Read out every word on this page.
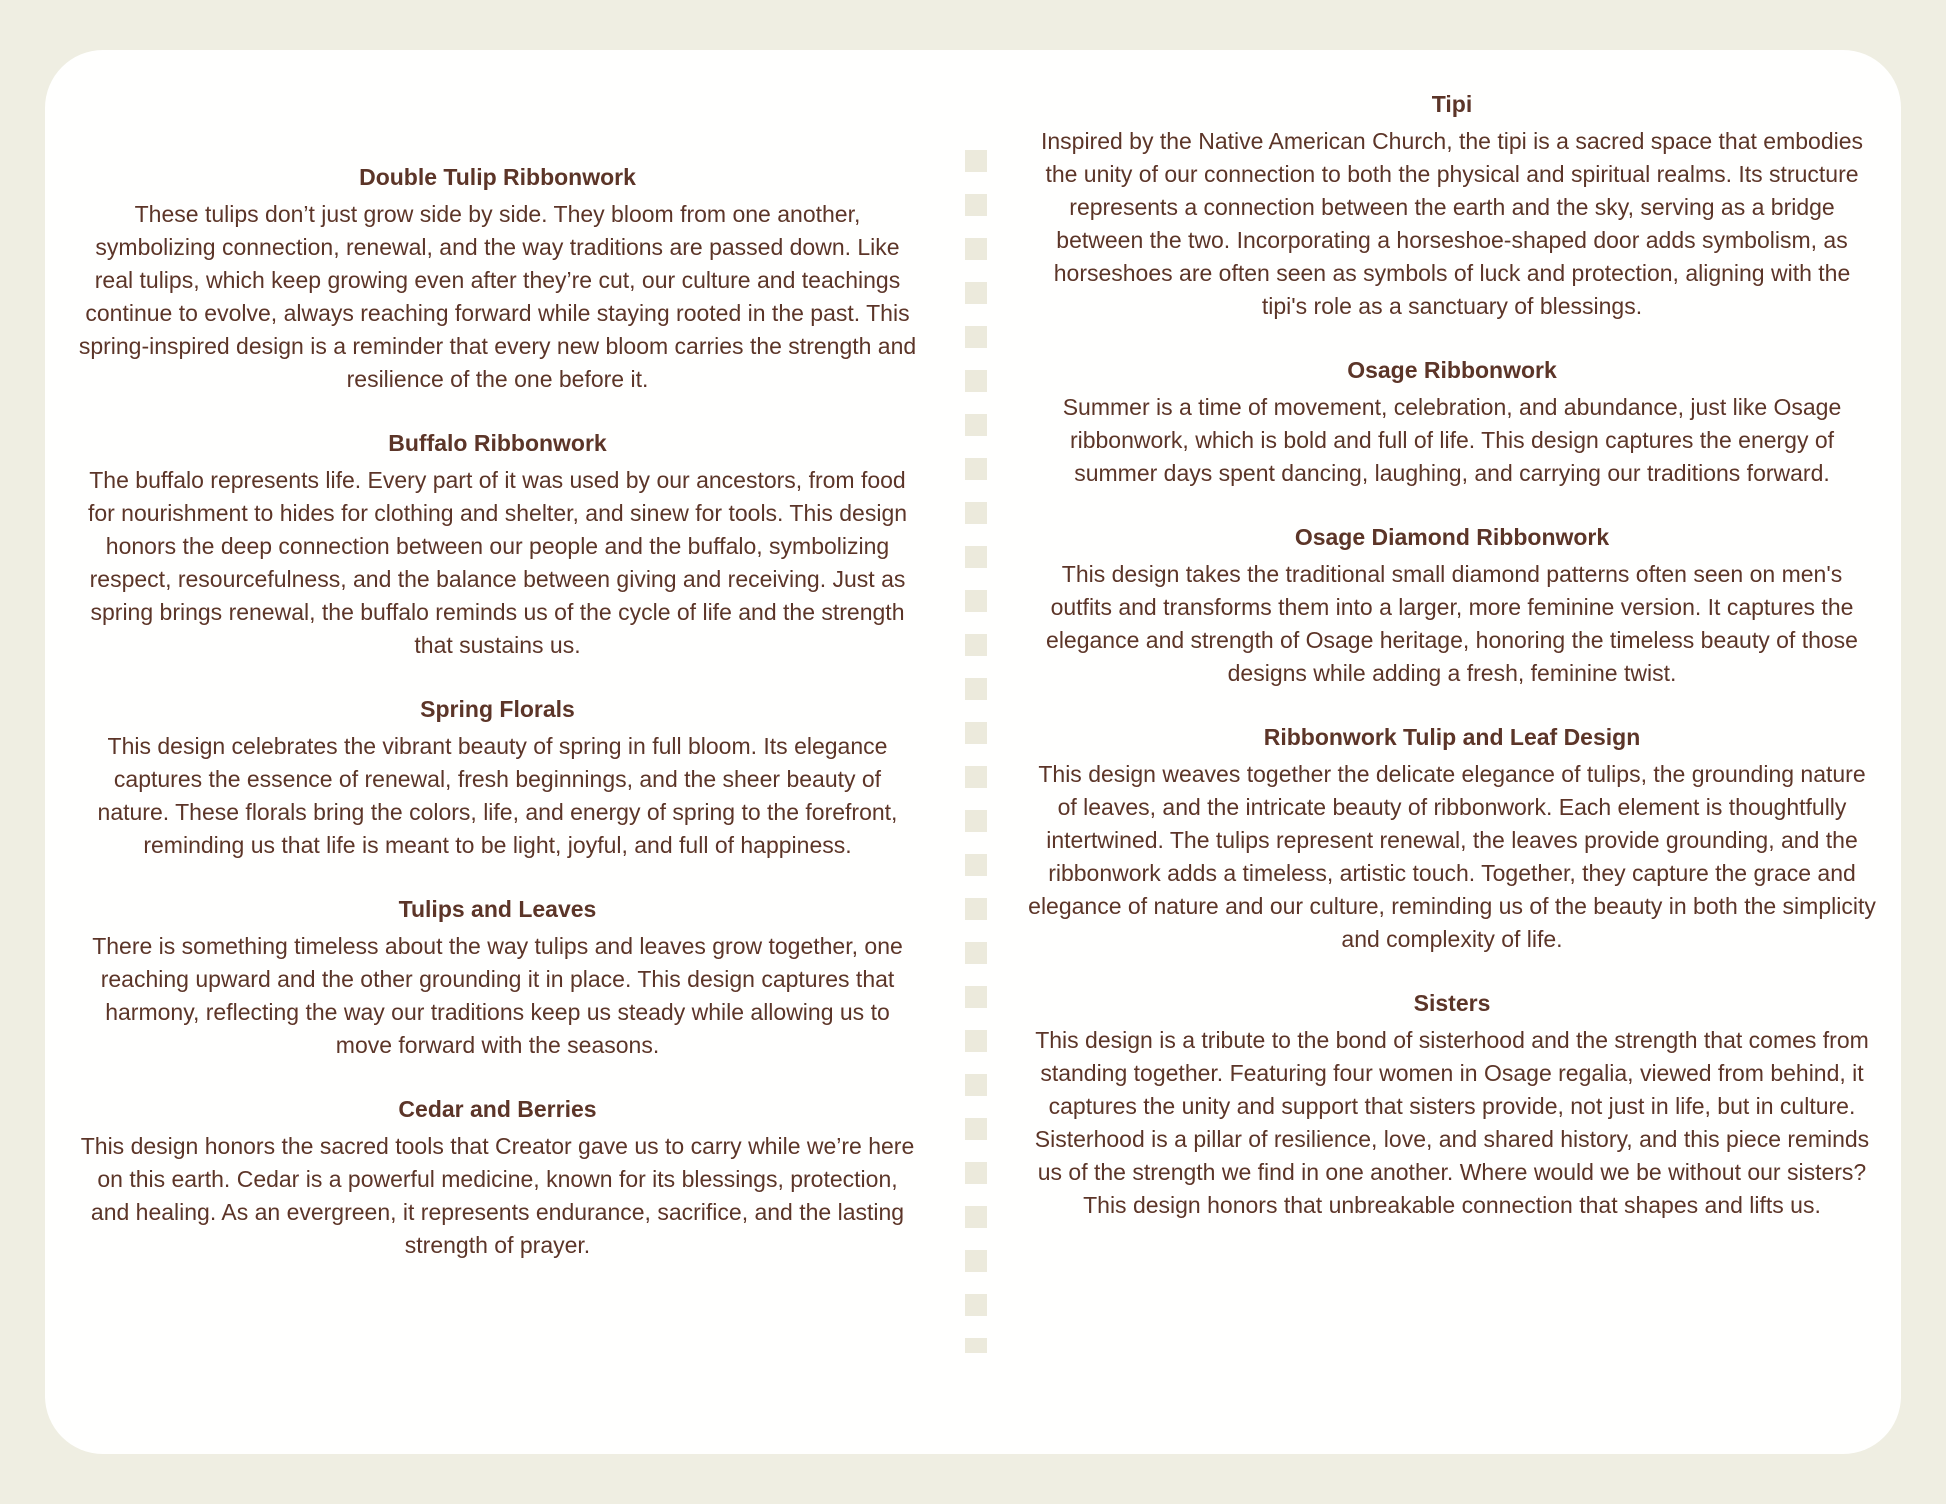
Double Tulip Ribbonwork

These tulips don’t just grow side by side. They bloom from one another, symbolizing connection, renewal, and the way traditions are passed down. Like real tulips, which keep growing even after they’re cut, our culture and teachings continue to evolve, always reaching forward while staying rooted in the past. This spring-inspired design is a reminder that every new bloom carries the strength and resilience of the one before it.

Buffalo Ribbonwork

The buffalo represents life. Every part of it was used by our ancestors, from food for nourishment to hides for clothing and shelter, and sinew for tools. This design honors the deep connection between our people and the buffalo, symbolizing respect, resourcefulness, and the balance between giving and receiving. Just as spring brings renewal, the buffalo reminds us of the cycle of life and the strength that sustains us.

Spring Florals

This design celebrates the vibrant beauty of spring in full bloom. Its elegance captures the essence of renewal, fresh beginnings, and the sheer beauty of nature. These florals bring the colors, life, and energy of spring to the forefront, reminding us that life is meant to be light, joyful, and full of happiness.

Tulips and Leaves

There is something timeless about the way tulips and leaves grow together, one reaching upward and the other grounding it in place. This design captures that harmony, reflecting the way our traditions keep us steady while allowing us to move forward with the seasons.

Cedar and Berries

This design honors the sacred tools that Creator gave us to carry while we’re here on this earth. Cedar is a powerful medicine, known for its blessings, protection, and healing. As an evergreen, it represents endurance, sacrifice, and the lasting strength of prayer.

Tipi

Inspired by the Native American Church, the tipi is a sacred space that embodies the unity of our connection to both the physical and spiritual realms. Its structure represents a connection between the earth and the sky, serving as a bridge between the two. Incorporating a horseshoe-shaped door adds symbolism, as horseshoes are often seen as symbols of luck and protection, aligning with the tipi's role as a sanctuary of blessings.

Osage Ribbonwork

Summer is a time of movement, celebration, and abundance, just like Osage ribbonwork, which is bold and full of life. This design captures the energy of summer days spent dancing, laughing, and carrying our traditions forward.

Osage Diamond Ribbonwork

This design takes the traditional small diamond patterns often seen on men's outfits and transforms them into a larger, more feminine version. It captures the elegance and strength of Osage heritage, honoring the timeless beauty of those designs while adding a fresh, feminine twist.

Ribbonwork Tulip and Leaf Design

This design weaves together the delicate elegance of tulips, the grounding nature of leaves, and the intricate beauty of ribbonwork. Each element is thoughtfully intertwined. The tulips represent renewal, the leaves provide grounding, and the ribbonwork adds a timeless, artistic touch. Together, they capture the grace and elegance of nature and our culture, reminding us of the beauty in both the simplicity and complexity of life.

Sisters

This design is a tribute to the bond of sisterhood and the strength that comes from standing together. Featuring four women in Osage regalia, viewed from behind, it captures the unity and support that sisters provide, not just in life, but in culture. Sisterhood is a pillar of resilience, love, and shared history, and this piece reminds us of the strength we find in one another. Where would we be without our sisters? This design honors that unbreakable connection that shapes and lifts us.
